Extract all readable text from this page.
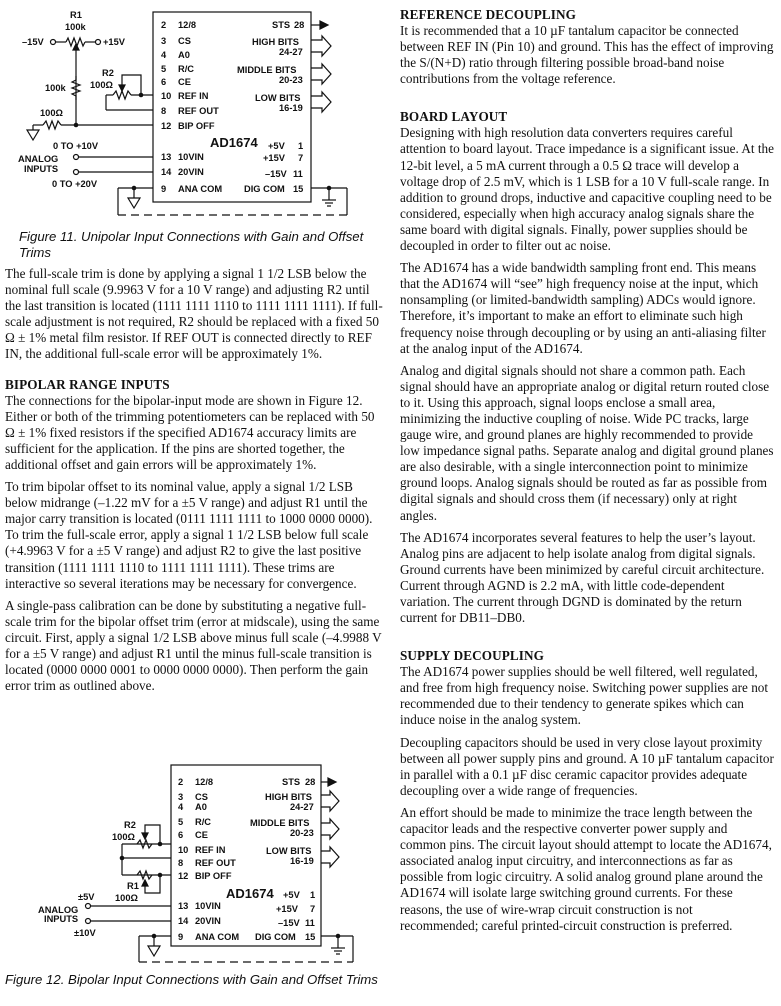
R1
100k
–15V	+15V
100k
R2
100Ω
100Ω
0 TO +10V
ANALOG
INPUTS
0 TO +20V
2 12/8
3 CS
4 A0
5 R/C
6 CE
10 REF IN
8 REF OUT
12 BIP OFF
13 10VIN
14 20VIN
9 ANA COM
STS 28
HIGH BITS
24-27
MIDDLE BITS
20-23
LOW BITS
16-19
AD1674 +5V 1
+15V 7
–15V 11
DIG COM 15

Figure 11. Unipolar Input Connections with Gain and Offset Trims

The full-scale trim is done by applying a signal 1 1/2 LSB below the nominal full scale (9.9963 V for a 10 V range) and adjusting R2 until the last transition is located (1111 1111 1110 to 1111 1111 1111). If full-scale adjustment is not required, R2 should be replaced with a fixed 50 Ω ± 1% metal film resistor. If REF OUT is connected directly to REF IN, the additional full-scale error will be approximately 1%.

BIPOLAR RANGE INPUTS

The connections for the bipolar-input mode are shown in Figure 12. Either or both of the trimming potentiometers can be replaced with 50 Ω ± 1% fixed resistors if the specified AD1674 accuracy limits are sufficient for the application. If the pins are shorted together, the additional offset and gain errors will be approximately 1%.

To trim bipolar offset to its nominal value, apply a signal 1/2 LSB below midrange (–1.22 mV for a ±5 V range) and adjust R1 until the major carry transition is located (0111 1111 1111 to 1000 0000 0000). To trim the full-scale error, apply a signal 1 1/2 LSB below full scale (+4.9963 V for a ±5 V range) and adjust R2 to give the last positive transition (1111 1111 1110 to 1111 1111 1111). These trims are interactive so several iterations may be necessary for convergence.

A single-pass calibration can be done by substituting a negative full-scale trim for the bipolar offset trim (error at midscale), using the same circuit. First, apply a signal 1/2 LSB above minus full scale (–4.9988 V for a ±5 V range) and adjust R1 until the minus full-scale transition is located (0000 0000 0001 to 0000 0000 0000). Then perform the gain error trim as outlined above.

R2
100Ω
R1
100Ω
±5V
ANALOG
INPUTS
±10V
2 12/8
3 CS
4 A0
5 R/C
6 CE
10 REF IN
8 REF OUT
12 BIP OFF
13 10VIN
14 20VIN
9 ANA COM
STS 28
HIGH BITS
24-27
MIDDLE BITS
20-23
LOW BITS
16-19
AD1674 +5V 1
+15V 7
–15V 11
DIG COM 15

Figure 12. Bipolar Input Connections with Gain and Offset Trims

REFERENCE DECOUPLING

It is recommended that a 10 µF tantalum capacitor be connected between REF IN (Pin 10) and ground. This has the effect of improving the S/(N+D) ratio through filtering possible broad-band noise contributions from the voltage reference.

BOARD LAYOUT

Designing with high resolution data converters requires careful attention to board layout. Trace impedance is a significant issue. At the 12-bit level, a 5 mA current through a 0.5 Ω trace will develop a voltage drop of 2.5 mV, which is 1 LSB for a 10 V full-scale range. In addition to ground drops, inductive and capacitive coupling need to be considered, especially when high accuracy analog signals share the same board with digital signals. Finally, power supplies should be decoupled in order to filter out ac noise.

The AD1674 has a wide bandwidth sampling front end. This means that the AD1674 will “see” high frequency noise at the input, which nonsampling (or limited-bandwidth sampling) ADCs would ignore. Therefore, it’s important to make an effort to eliminate such high frequency noise through decoupling or by using an anti-aliasing filter at the analog input of the AD1674.

Analog and digital signals should not share a common path. Each signal should have an appropriate analog or digital return routed close to it. Using this approach, signal loops enclose a small area, minimizing the inductive coupling of noise. Wide PC tracks, large gauge wire, and ground planes are highly recommended to provide low impedance signal paths. Separate analog and digital ground planes are also desirable, with a single interconnection point to minimize ground loops. Analog signals should be routed as far as possible from digital signals and should cross them (if necessary) only at right angles.

The AD1674 incorporates several features to help the user’s layout. Analog pins are adjacent to help isolate analog from digital signals. Ground currents have been minimized by careful circuit architecture. Current through AGND is 2.2 mA, with little code-dependent variation. The current through DGND is dominated by the return current for DB11–DB0.

SUPPLY DECOUPLING

The AD1674 power supplies should be well filtered, well regulated, and free from high frequency noise. Switching power supplies are not recommended due to their tendency to generate spikes which can induce noise in the analog system.

Decoupling capacitors should be used in very close layout proximity between all power supply pins and ground. A 10 µF tantalum capacitor in parallel with a 0.1 µF disc ceramic capacitor provides adequate decoupling over a wide range of frequencies.

An effort should be made to minimize the trace length between the capacitor leads and the respective converter power supply and common pins. The circuit layout should attempt to locate the AD1674, associated analog input circuitry, and interconnections as far as possible from logic circuitry. A solid analog ground plane around the AD1674 will isolate large switching ground currents. For these reasons, the use of wire-wrap circuit construction is not recommended; careful printed-circuit construction is preferred.
